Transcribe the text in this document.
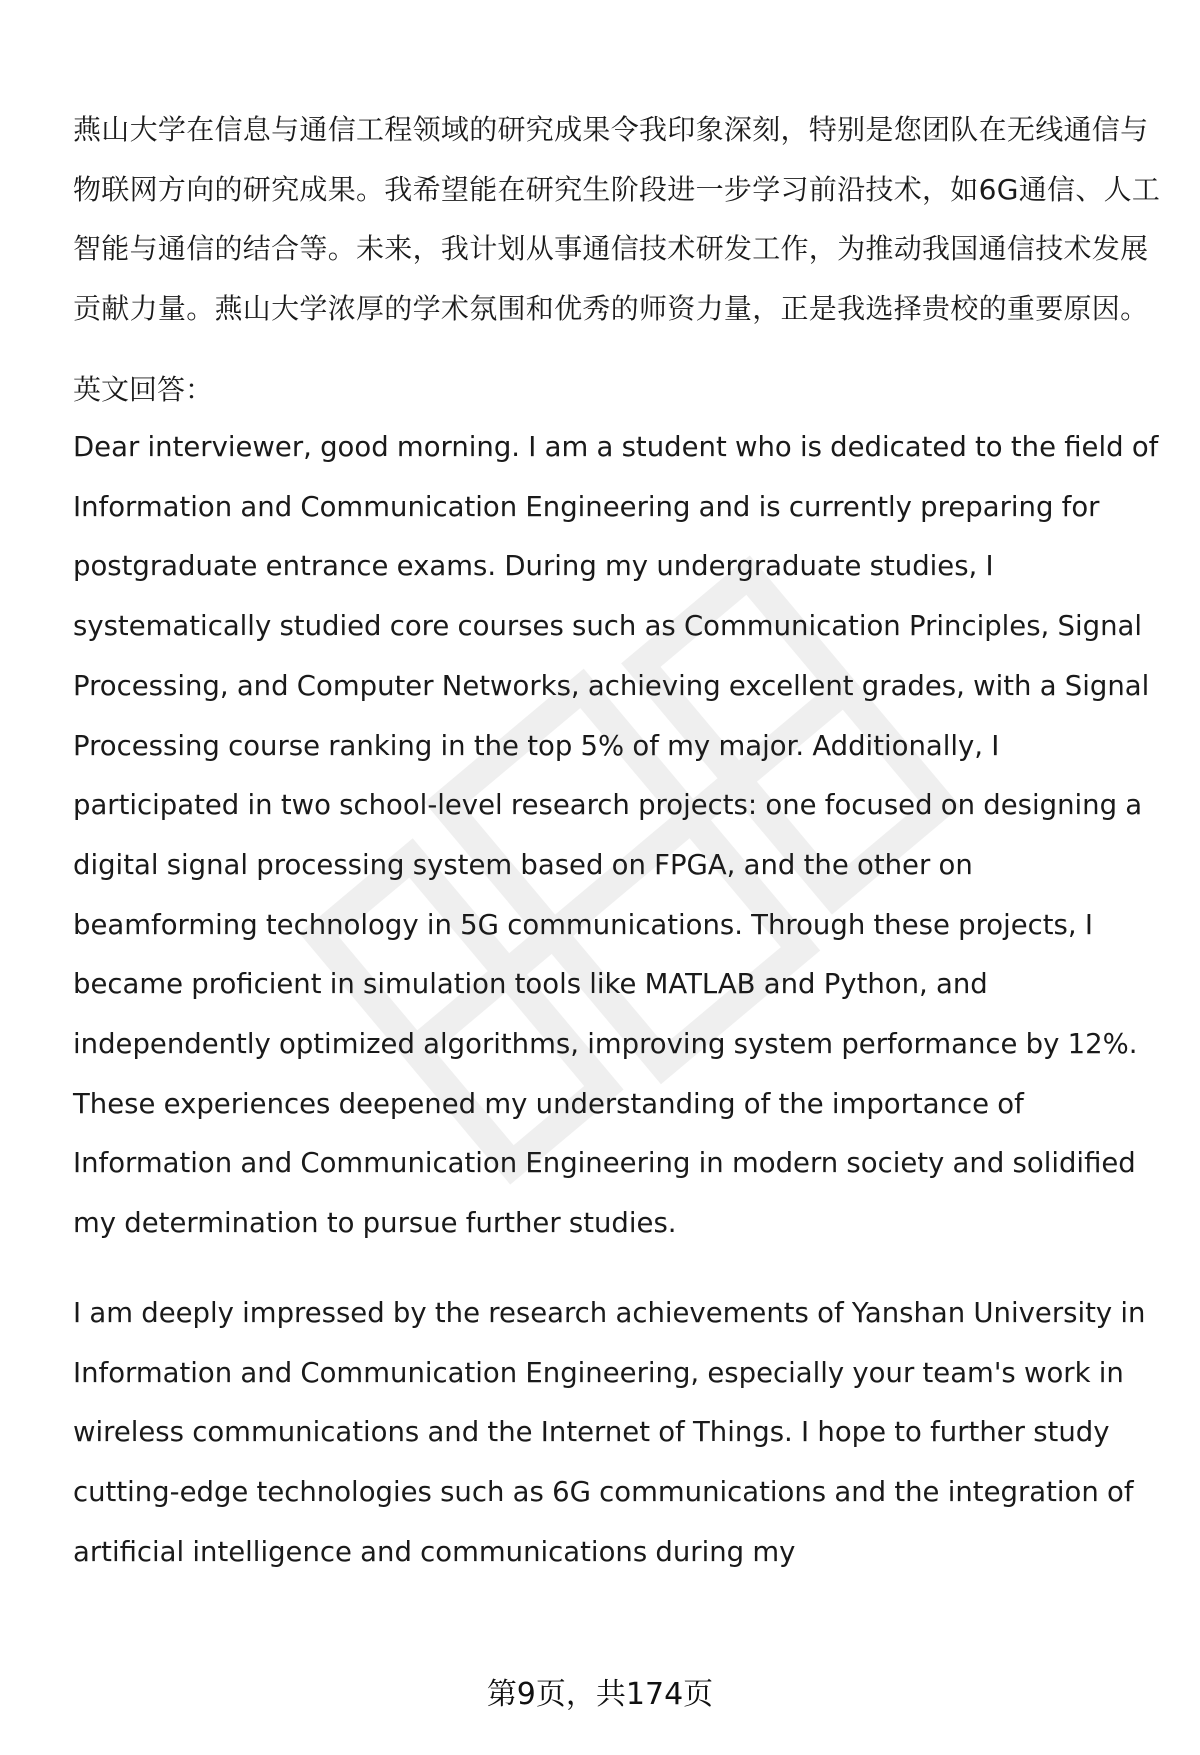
燕山大学在信息与通信工程领域的研究成果令我印象深刻，特别是您团队在无线通信与物联网方向的研究成果。我希望能在研究生阶段进一步学习前沿技术，如6G通信、人工智能与通信的结合等。未来，我计划从事通信技术研发工作，为推动我国通信技术发展贡献力量。燕山大学浓厚的学术氛围和优秀的师资力量，正是我选择贵校的重要原因。

英文回答：

Dear interviewer, good morning. I am a student who is dedicated to the field of Information and Communication Engineering and is currently preparing for postgraduate entrance exams. During my undergraduate studies, I systematically studied core courses such as Communication Principles, Signal Processing, and Computer Networks, achieving excellent grades, with a Signal Processing course ranking in the top 5% of my major. Additionally, I participated in two school-level research projects: one focused on designing a digital signal processing system based on FPGA, and the other on beamforming technology in 5G communications. Through these projects, I became proficient in simulation tools like MATLAB and Python, and independently optimized algorithms, improving system performance by 12%. These experiences deepened my understanding of the importance of Information and Communication Engineering in modern society and solidified my determination to pursue further studies.

I am deeply impressed by the research achievements of Yanshan University in Information and Communication Engineering, especially your team's work in wireless communications and the Internet of Things. I hope to further study cutting-edge technologies such as 6G communications and the integration of artificial intelligence and communications during my

第9页，共174页
